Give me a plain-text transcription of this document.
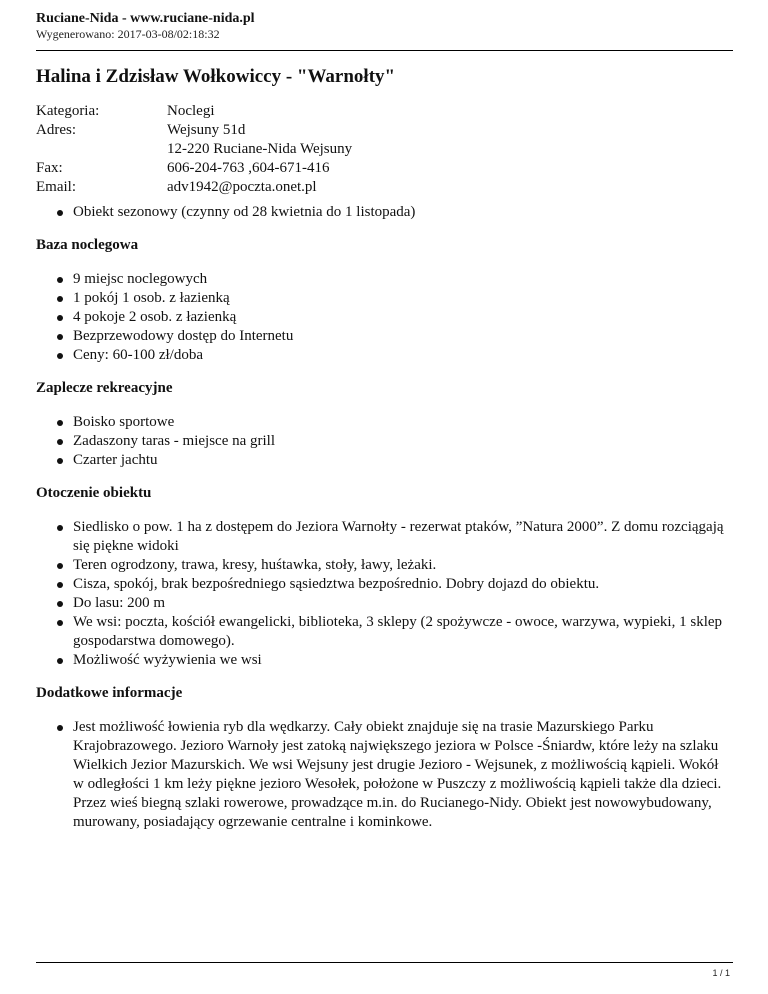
Ruciane-Nida - www.ruciane-nida.pl
Wygenerowano: 2017-03-08/02:18:32
Halina i Zdzisław Wołkowiccy - "Warnołty"
Kategoria:	Noclegi
Adres:	Wejsuny 51d
12-220 Ruciane-Nida Wejsuny
Fax:	606-204-763 ,604-671-416
Email:	adv1942@poczta.onet.pl
Obiekt sezonowy (czynny od 28 kwietnia do 1 listopada)
Baza noclegowa
9 miejsc noclegowych
1 pokój 1 osob. z łazienką
4 pokoje 2 osob. z łazienką
Bezprzewodowy dostęp do Internetu
Ceny: 60-100 zł/doba
Zaplecze rekreacyjne
Boisko sportowe
Zadaszony taras - miejsce na grill
Czarter jachtu
Otoczenie obiektu
Siedlisko o pow. 1 ha z dostępem do Jeziora Warnołty - rezerwat ptaków, ”Natura 2000”. Z domu rozciągają się piękne widoki
Teren ogrodzony, trawa, kresy, huśtawka, stoły, ławy, leżaki.
Cisza, spokój, brak bezpośredniego sąsiedztwa bezpośrednio. Dobry dojazd do obiektu.
Do lasu: 200 m
We wsi: poczta, kościół ewangelicki, biblioteka, 3 sklepy (2 spożywcze - owoce, warzywa, wypieki, 1 sklep gospodarstwa domowego).
Możliwość wyżywienia we wsi
Dodatkowe informacje
Jest możliwość łowienia ryb dla wędkarzy. Cały obiekt znajduje się na trasie Mazurskiego Parku Krajobrazowego. Jezioro Warnoły jest zatoką największego jeziora w Polsce -Śniardw, które leży na szlaku Wielkich Jezior Mazurskich. We wsi Wejsuny jest drugie Jezioro - Wejsunek, z możliwością kąpieli. Wokół w odległości 1 km leży piękne jezioro Wesołek, położone w Puszczy z możliwością kąpieli także dla dzieci. Przez wieś biegną szlaki rowerowe, prowadzące m.in. do Rucianego-Nidy. Obiekt jest nowowybudowany, murowany, posiadający ogrzewanie centralne i kominkowe.
1 / 1
